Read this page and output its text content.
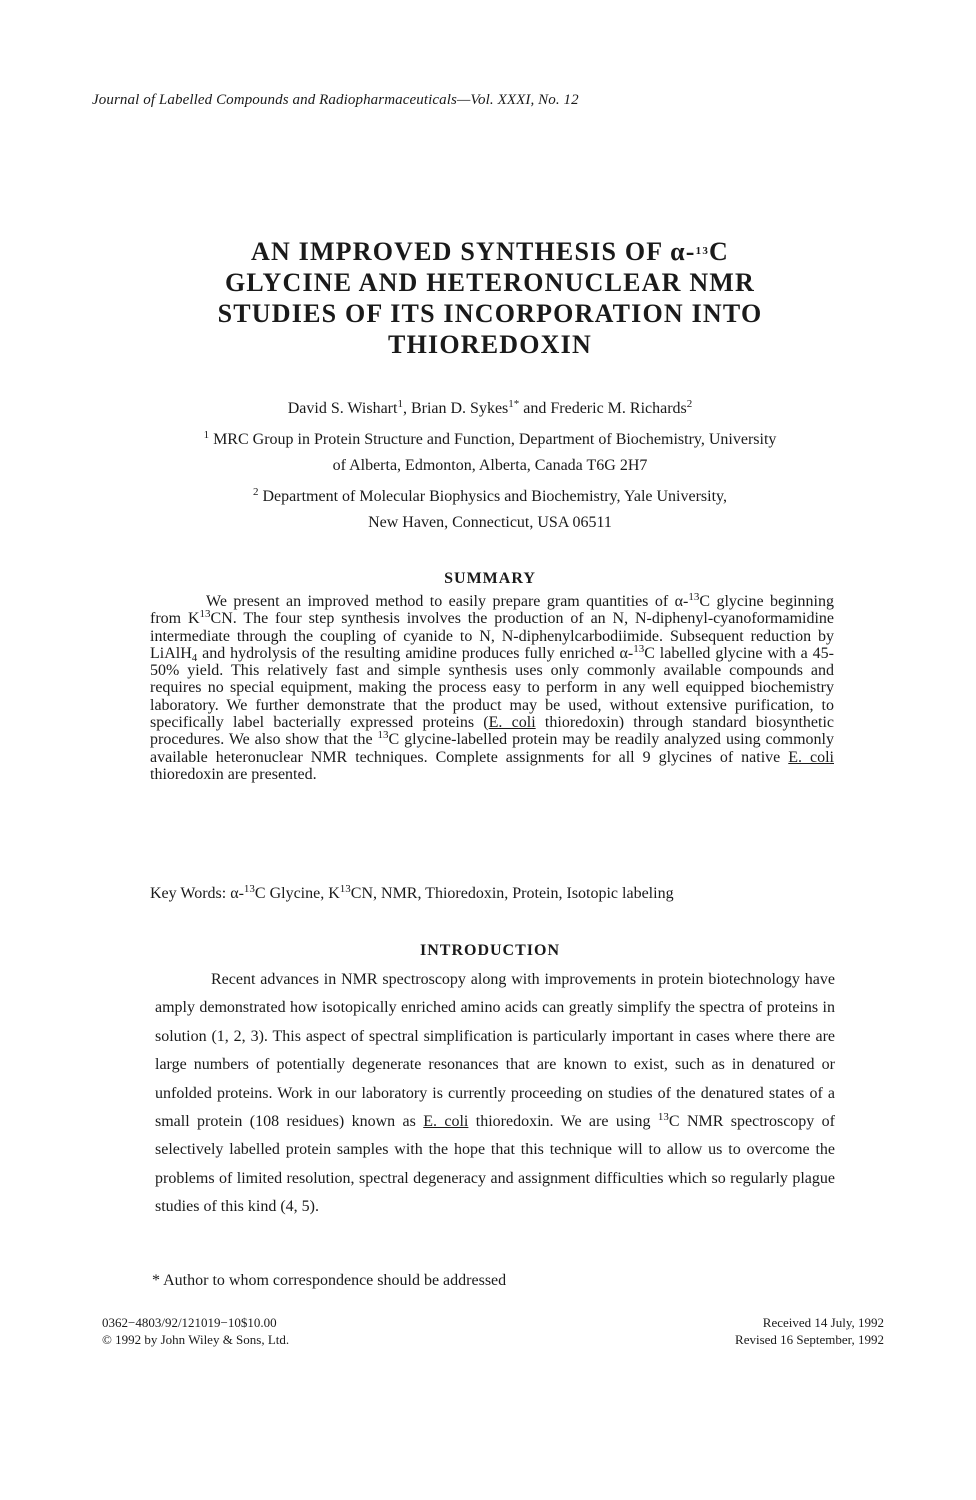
Journal of Labelled Compounds and Radiopharmaceuticals—Vol. XXXI, No. 12
AN IMPROVED SYNTHESIS OF α-$^{13}$C
GLYCINE AND HETERONUCLEAR NMR
STUDIES OF ITS INCORPORATION INTO
THIOREDOXIN
David S. Wishart$^1$, Brian D. Sykes$^{1*}$ and Frederic M. Richards$^2$
$^1$ MRC Group in Protein Structure and Function, Department of Biochemistry, University
of Alberta, Edmonton, Alberta, Canada T6G 2H7
$^2$ Department of Molecular Biophysics and Biochemistry, Yale University,
New Haven, Connecticut, USA 06511
SUMMARY

We present an improved method to easily prepare gram quantities of α-$^{13}$C glycine beginning from $K^{13}CN$. The four step synthesis involves the production of an N, N-diphenyl-cyanoformamidine intermediate through the coupling of cyanide to N, N-diphenylcarbodiimide. Subsequent reduction by LiAlH$_4$ and hydrolysis of the resulting amidine produces fully enriched α-$^{13}$C labelled glycine with a 45-50% yield. This relatively fast and simple synthesis uses only commonly available compounds and requires no special equipment, making the process easy to perform in any well equipped biochemistry laboratory. We further demonstrate that the product may be used, without extensive purification, to specifically label bacterially expressed proteins (E. coli thioredoxin) through standard biosynthetic procedures. We also show that the $^{13}$C glycine-labelled protein may be readily analyzed using commonly available heteronuclear NMR techniques. Complete assignments for all 9 glycines of native E. coli thioredoxin are presented.

Key Words: α-$^{13}$C Glycine, $K^{13}CN$, NMR, Thioredoxin, Protein, Isotopic labeling
INTRODUCTION

Recent advances in NMR spectroscopy along with improvements in protein biotechnology have amply demonstrated how isotopically enriched amino acids can greatly simplify the spectra of proteins in solution (1, 2, 3). This aspect of spectral simplification is particularly important in cases where there are large numbers of potentially degenerate resonances that are known to exist, such as in denatured or unfolded proteins. Work in our laboratory is currently proceeding on studies of the denatured states of a small protein (108 residues) known as E. coli thioredoxin. We are using $^{13}$C NMR spectroscopy of selectively labelled protein samples with the hope that this technique will to allow us to overcome the problems of limited resolution, spectral degeneracy and assignment difficulties which so regularly plague studies of this kind (4, 5).

* Author to whom correspondence should be addressed
0362−4803/92/121019−10$10.00
© 1992 by John Wiley & Sons, Ltd.
Received 14 July, 1992
Revised 16 September, 1992
